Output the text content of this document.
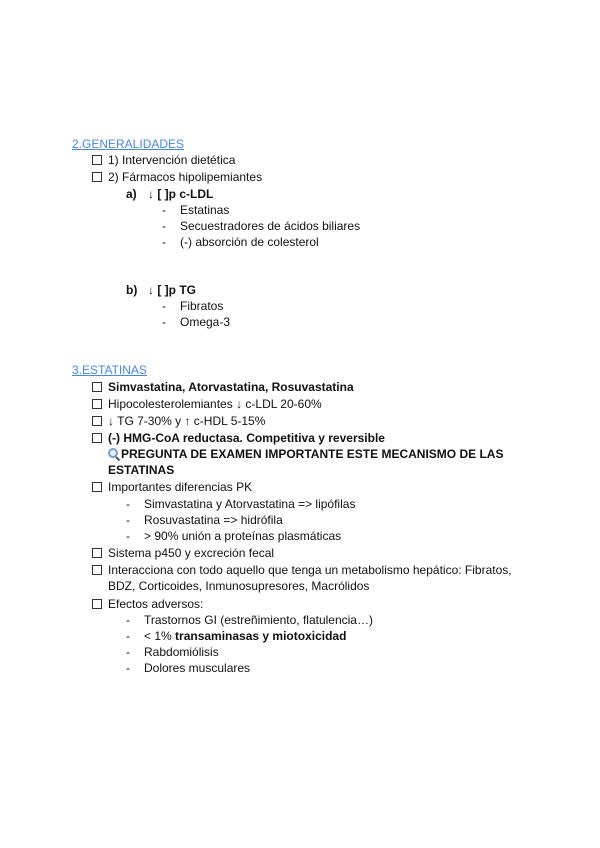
2.GENERALIDADES
1) Intervención dietética
2) Fármacos hipolipemiantes
a) ↓ [ ]p c-LDL
- Estatinas
- Secuestradores de ácidos biliares
- (-) absorción de colesterol
b) ↓ [ ]p TG
- Fibratos
- Omega-3
3.ESTATINAS
Simvastatina, Atorvastatina, Rosuvastatina
Hipocolesterolemiantes ↓ c-LDL 20-60%
↓ TG 7-30% y ↑ c-HDL 5-15%
(-) HMG-CoA reductasa. Competitiva y reversible
PREGUNTA DE EXAMEN IMPORTANTE ESTE MECANISMO DE LAS
ESTATINAS
Importantes diferencias PK
- Simvastatina y Atorvastatina => lipófilas
- Rosuvastatina => hidrófila
- > 90% unión a proteínas plasmáticas
Sistema p450 y excreción fecal
Interacciona con todo aquello que tenga un metabolismo hepático: Fibratos,
BDZ, Corticoides, Inmunosupresores, Macrólidos
Efectos adversos:
- Trastornos GI (estreñimiento, flatulencia…)
- < 1% transaminasas y miotoxicidad
- Rabdomiólisis
- Dolores musculares
